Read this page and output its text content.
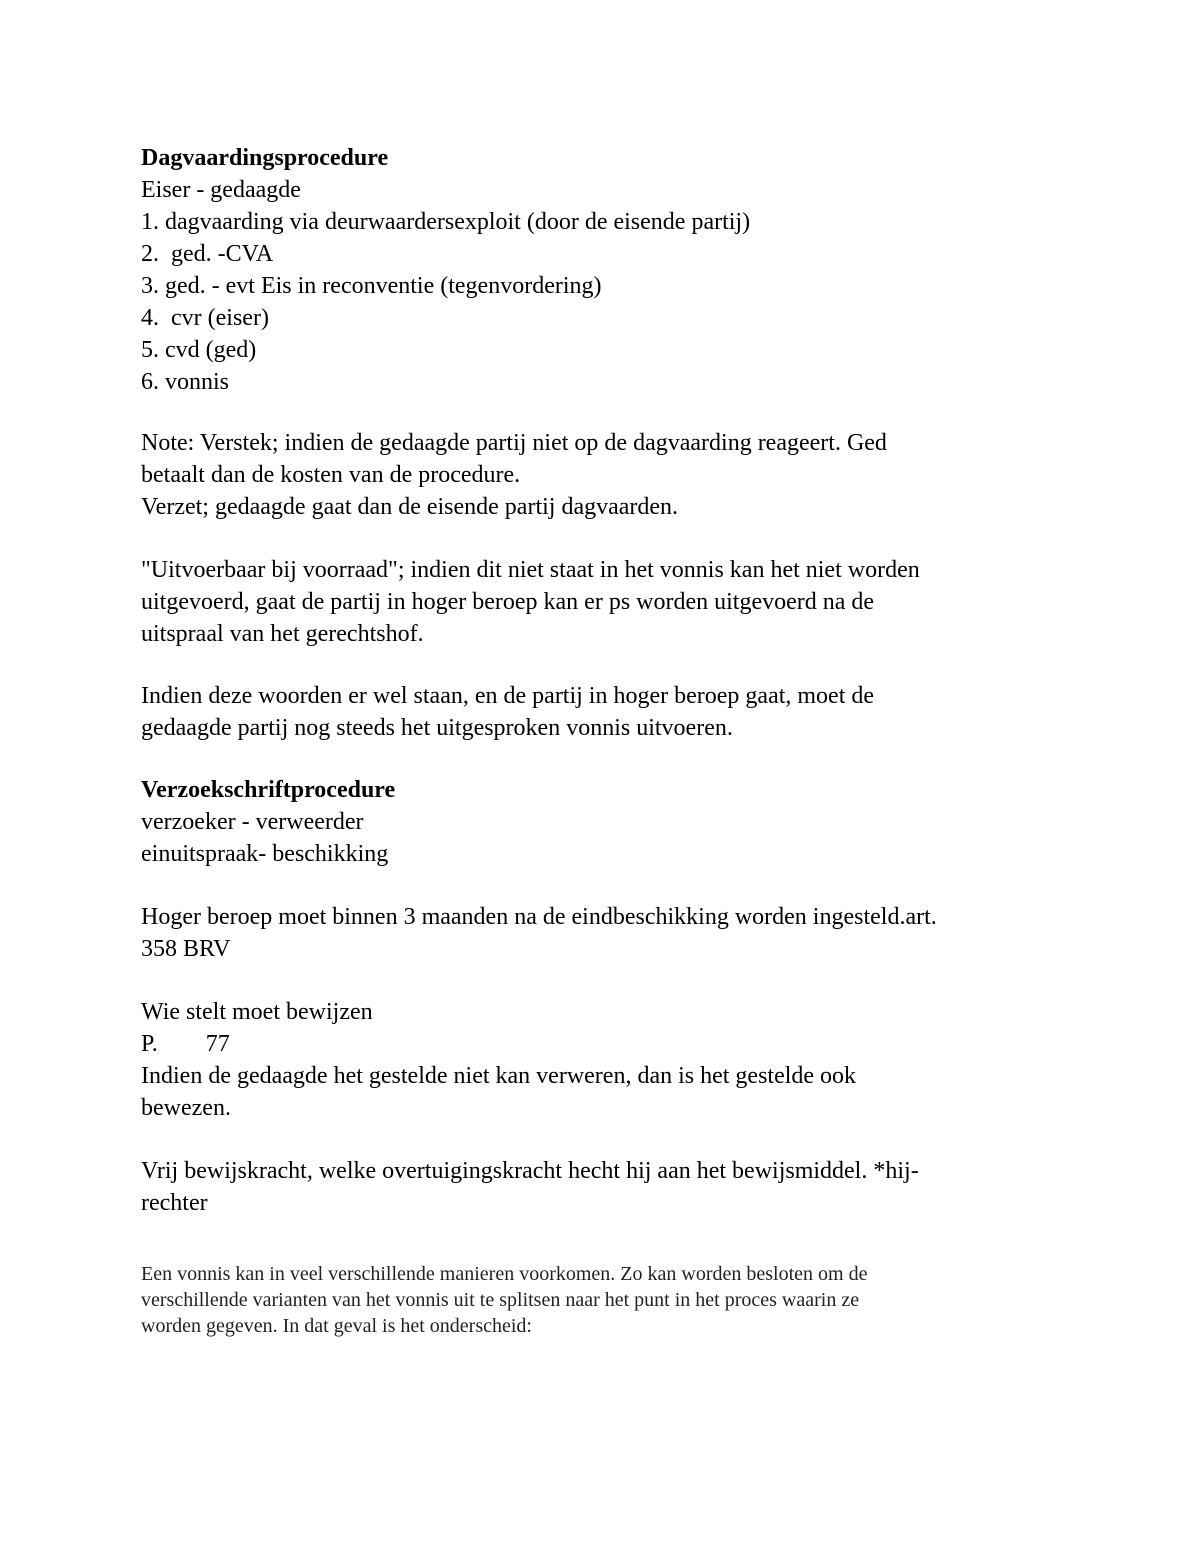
Dagvaardingsprocedure
Eiser - gedaagde
1. dagvaarding via deurwaardersexploit (door de eisende partij)
2.  ged. -CVA
3. ged. - evt Eis in reconventie (tegenvordering)
4.  cvr (eiser)
5. cvd (ged)
6. vonnis
Note: Verstek; indien de gedaagde partij niet op de dagvaarding reageert. Ged
betaalt dan de kosten van de procedure.
Verzet; gedaagde gaat dan de eisende partij dagvaarden.
"Uitvoerbaar bij voorraad"; indien dit niet staat in het vonnis kan het niet worden
uitgevoerd, gaat de partij in hoger beroep kan er ps worden uitgevoerd na de
uitspraal van het gerechtshof.
Indien deze woorden er wel staan, en de partij in hoger beroep gaat, moet de
gedaagde partij nog steeds het uitgesproken vonnis uitvoeren.
Verzoekschriftprocedure
verzoeker - verweerder
einuitspraak- beschikking
Hoger beroep moet binnen 3 maanden na de eindbeschikking worden ingesteld.art.
358 BRV
Wie stelt moet bewijzen
P.        77
Indien de gedaagde het gestelde niet kan verweren, dan is het gestelde ook
bewezen.
Vrij bewijskracht, welke overtuigingskracht hecht hij aan het bewijsmiddel. *hij-
rechter
Een vonnis kan in veel verschillende manieren voorkomen. Zo kan worden besloten om de
verschillende varianten van het vonnis uit te splitsen naar het punt in het proces waarin ze
worden gegeven. In dat geval is het onderscheid:
